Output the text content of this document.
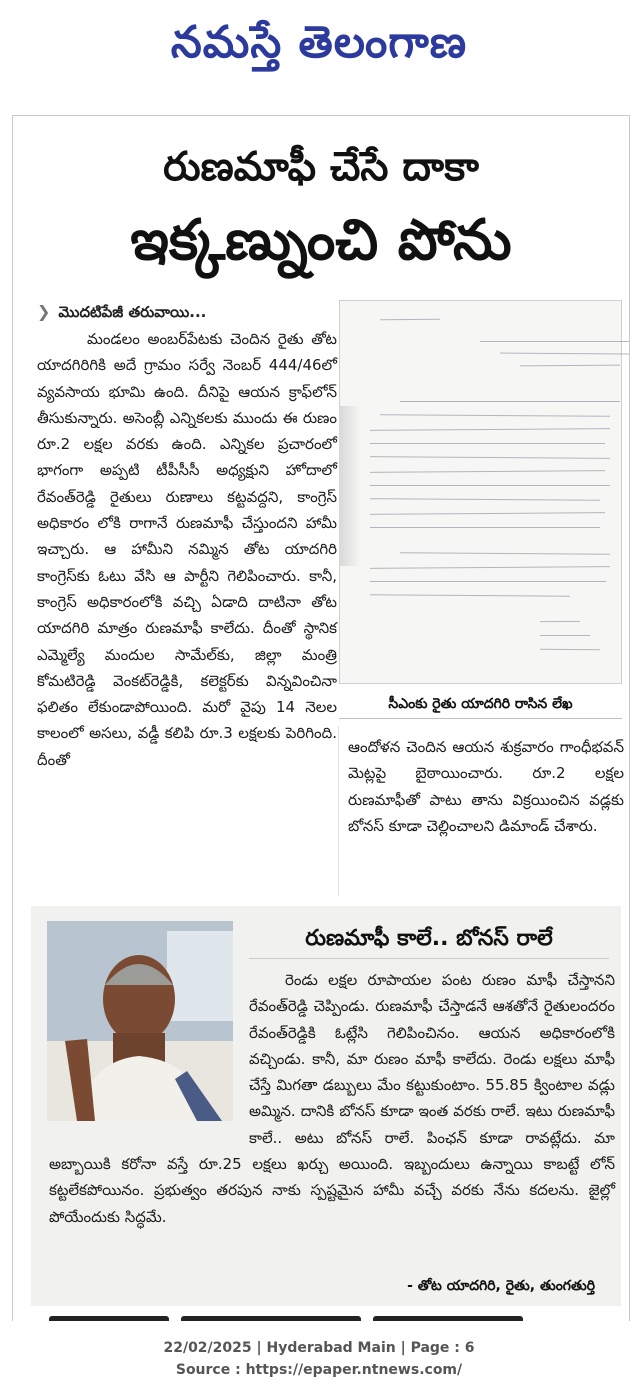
నమస్తే తెలంగాణ
రుణమాఫీ చేసే దాకా
ఇక్కణ్నుంచి పోను
❯ మొదటిపేజీ తరువాయి...
మండలం అంబర్‌పేటకు చెందిన రైతు తోట యాదగిరిగికి అదే గ్రామం సర్వే నెంబర్ 444/46లో వ్యవసాయ భూమి ఉంది. దీనిపై ఆయన క్రాఫ్‌లోన్ తీసుకున్నారు. అసెంబ్లీ ఎన్నికలకు ముందు ఈ రుణం రూ.2 లక్షల వరకు ఉంది. ఎన్నికల ప్రచారంలో భాగంగా అప్పటి టీపీసీసీ అధ్యక్షుని హోదాలో రేవంత్‌రెడ్డి రైతులు రుణాలు కట్టవద్దని, కాంగ్రెస్ అధికారం లోకి రాగానే రుణమాఫీ చేస్తుందని హామీ ఇచ్చారు. ఆ హామీని నమ్మిన తోట యాదగిరి కాంగ్రెస్‌కు ఓటు వేసి ఆ పార్టీని గెలిపించారు. కానీ, కాంగ్రెస్ అధికారంలోకి వచ్చి ఏడాది దాటినా తోట యాదగిరి మాత్రం రుణమాఫీ కాలేదు. దీంతో స్థానిక ఎమ్మెల్యే మందుల సామేల్‌కు, జిల్లా మంత్రి కోమటిరెడ్డి వెంకట్‌రెడ్డికి, కలెక్టర్‌కు విన్నవించినా ఫలితం లేకుండాపోయింది. మరో వైపు 14 నెలల కాలంలో అసలు, వడ్డీ కలిపి రూ.3 లక్షలకు పెరిగింది. దీంతో
సీఎంకు రైతు యాదగిరి రాసిన లేఖ
ఆందోళన చెందిన ఆయన శుక్రవారం గాంధీభవన్ మెట్లపై బైఠాయించారు. రూ.2 లక్షల రుణమాఫీతో పాటు తాను విక్రయించిన వడ్లకు బోనస్ కూడా చెల్లించాలని డిమాండ్ చేశారు.
రుణమాఫీ కాలే.. బోనస్ రాలే
రెండు లక్షల రూపాయల పంట రుణం మాఫీ చేస్తానని రేవంత్‌రెడ్డి చెప్పిండు. రుణమాఫీ చేస్తాడనే ఆశతోనే రైతులందరం రేవంత్‌రెడ్డికి ఓట్లేసి గెలిపించినం. ఆయన అధికారంలోకి వచ్చిండు. కానీ, మా రుణం మాఫీ కాలేదు. రెండు లక్షలు మాఫీ చేస్తే మిగతా డబ్బులు మేం కట్టుకుంటాం. 55.85 క్వింటాల వడ్లు అమ్మిన. దానికి బోనస్ కూడా ఇంత వరకు రాలే. ఇటు రుణమాఫీ కాలే.. అటు బోనస్ రాలే. పింఛన్ కూడా రావట్లేదు. మా అబ్బాయికి కరోనా వస్తే రూ.25 లక్షలు ఖర్చు అయింది. ఇబ్బందులు ఉన్నాయి కాబట్టే లోన్ కట్టలేకపోయినం. ప్రభుత్వం తరపున నాకు స్పష్టమైన హామీ వచ్చే వరకు నేను కదలను. జైల్లో పోయేందుకు సిద్ధమే.
- తోట యాదగిరి, రైతు, తుంగతుర్తి
22/02/2025 | Hyderabad Main | Page : 6
Source : https://epaper.ntnews.com/
